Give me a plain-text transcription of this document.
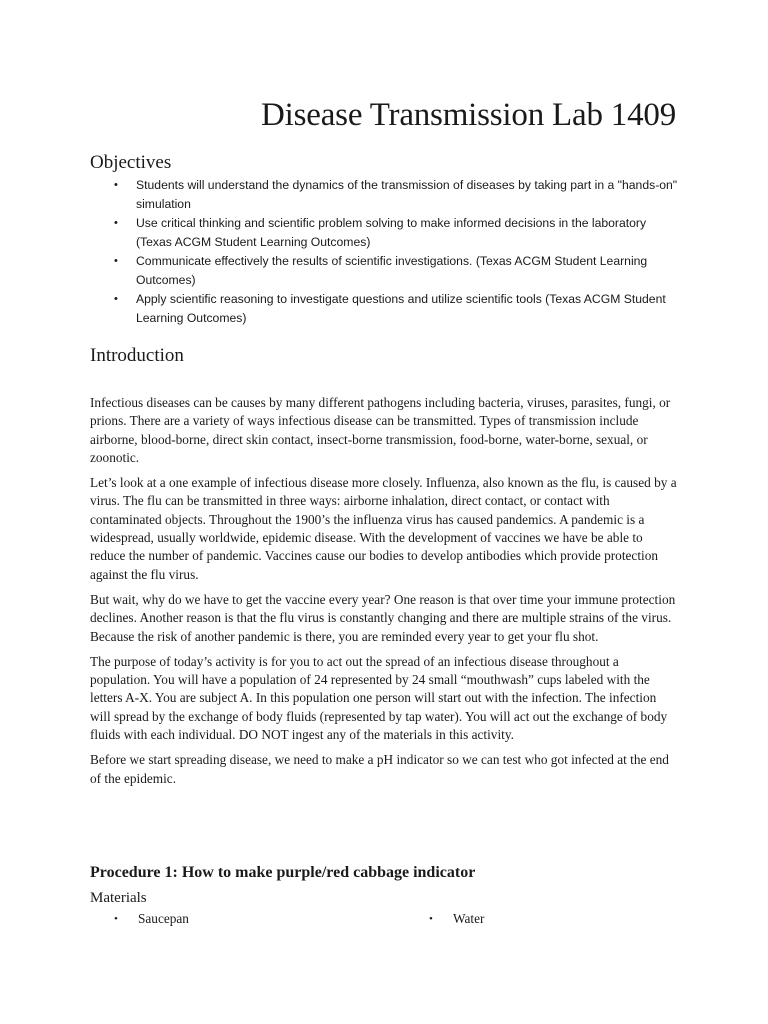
Disease Transmission Lab 1409
Objectives
• Students will understand the dynamics of the transmission of diseases by taking part in a "hands-on" simulation
• Use critical thinking and scientific problem solving to make informed decisions in the laboratory (Texas ACGM Student Learning Outcomes)
• Communicate effectively the results of scientific investigations. (Texas ACGM Student Learning Outcomes)
• Apply scientific reasoning to investigate questions and utilize scientific tools (Texas ACGM Student Learning Outcomes)
Introduction

Infectious diseases can be causes by many different pathogens including bacteria, viruses, parasites, fungi, or prions. There are a variety of ways infectious disease can be transmitted. Types of transmission include airborne, blood-borne, direct skin contact, insect-borne transmission, food-borne, water-borne, sexual, or zoonotic.

Let’s look at a one example of infectious disease more closely. Influenza, also known as the flu, is caused by a virus. The flu can be transmitted in three ways: airborne inhalation, direct contact, or contact with contaminated objects. Throughout the 1900’s the influenza virus has caused pandemics. A pandemic is a widespread, usually worldwide, epidemic disease. With the development of vaccines we have be able to reduce the number of pandemic. Vaccines cause our bodies to develop antibodies which provide protection against the flu virus.

But wait, why do we have to get the vaccine every year? One reason is that over time your immune protection declines. Another reason is that the flu virus is constantly changing and there are multiple strains of the virus. Because the risk of another pandemic is there, you are reminded every year to get your flu shot.

The purpose of today’s activity is for you to act out the spread of an infectious disease throughout a population. You will have a population of 24 represented by 24 small “mouthwash” cups labeled with the letters A-X. You are subject A. In this population one person will start out with the infection. The infection will spread by the exchange of body fluids (represented by tap water). You will act out the exchange of body fluids with each individual. DO NOT ingest any of the materials in this activity.

Before we start spreading disease, we need to make a pH indicator so we can test who got infected at the end of the epidemic.

Procedure 1: How to make purple/red cabbage indicator
Materials
• Saucepan	• Water
